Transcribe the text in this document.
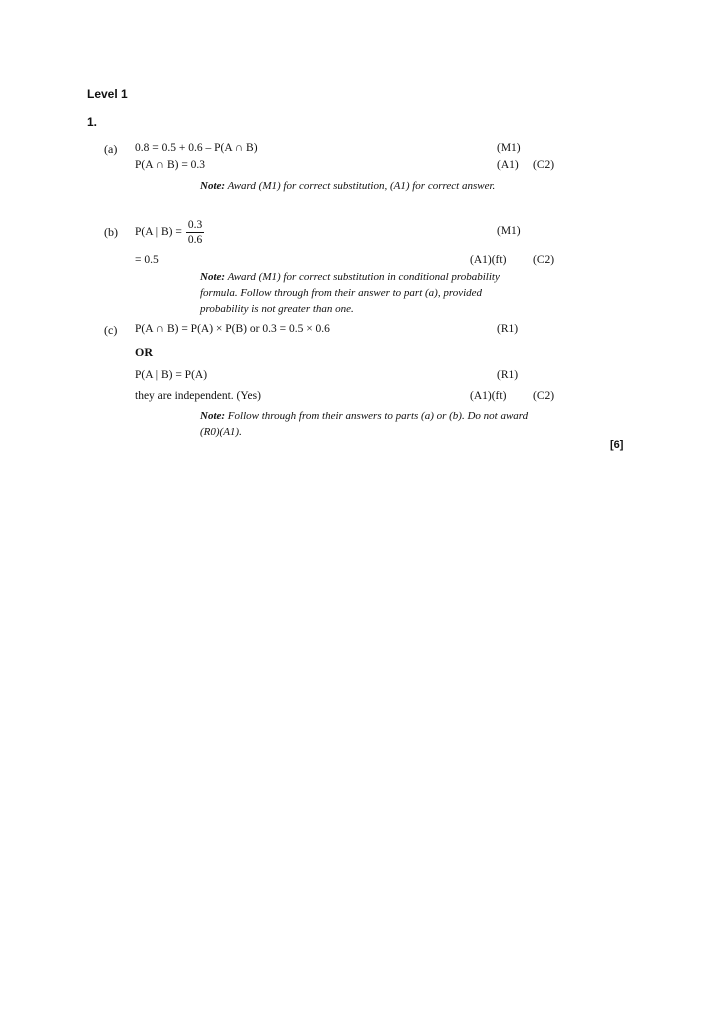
Level 1
1.
(a) 0.8 = 0.5 + 0.6 – P(A ∩ B)	(M1)
P(A ∩ B) = 0.3	(A1) (C2)
Note: Award (M1) for correct substitution, (A1) for correct answer.
(b) P(A | $B) = \frac{0.3}{0.6}$	(M1)
= 0.5	(A1)(ft) (C2)
Note: Award (M1) for correct substitution in conditional probability formula. Follow through from their answer to part (a), provided probability is not greater than one.
(c) P(A ∩ B) = P(A) × P(B) or 0.3 = 0.5 × 0.6	(R1)
OR
P(A | B) = P(A)	(R1)
they are independent. (Yes)	(A1)(ft) (C2)
Note: Follow through from their answers to parts (a) or (b). Do not award (R0)(A1).
[6]
